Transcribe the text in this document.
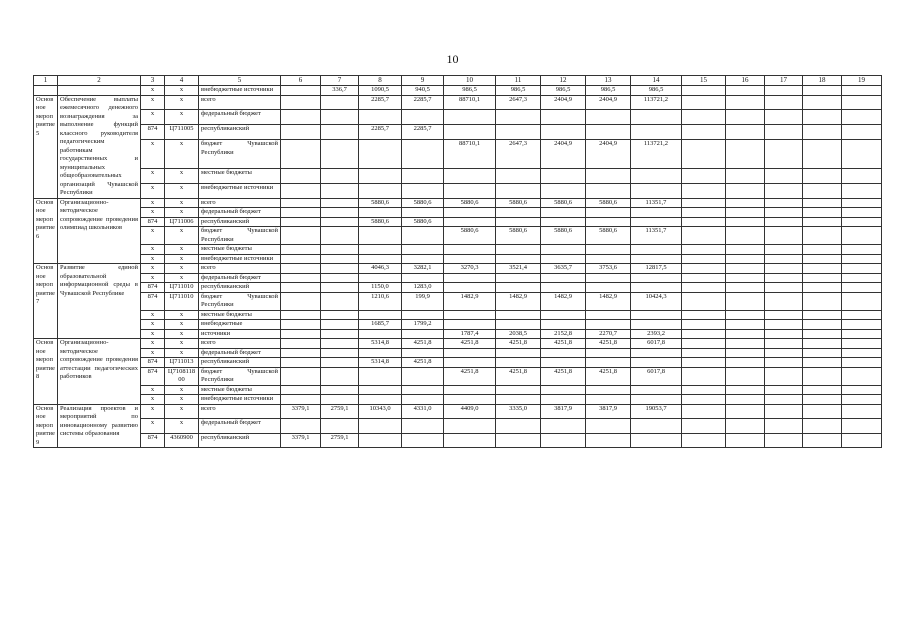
10
1	2	3	4	5	6	7	8	9	10	11	12	13	14	15	16	17	18	19
		х	х	внебюджетные источники		336,7	1090,5	940,5	986,5	986,5	986,5	986,5	986,5					
Основное мероприятие 5	Обеспечение выплаты ежемесячного денежного вознаграждения за выполнение функций классного руководителя педагогическим работникам государственных и муниципальных общеобразовательных организаций Чувашской Республики	х	х	всего			2285,7	2285,7	88710,1	2647,3	2404,9	2404,9	113721,2					
		х	х	федеральный бюджет														
		874	Ц711005	республиканский			2285,7	2285,7										
		х	х	бюджет Чувашской Республики					88710,1	2647,3	2404,9	2404,9	113721,2					
		х	х	местные бюджеты														
		х	х	внебюджетные источники														
Основное мероприятие 6	Организационно-методическое сопровождение проведения олимпиад школьников	х	х	всего			5880,6	5880,6	5880,6	5880,6	5880,6	5880,6	11351,7					
		х	х	федеральный бюджет														
		874	Ц711006	республиканский			5880,6	5880,6										
		х	х	бюджет Чувашской Республики					5880,6	5880,6	5880,6	5880,6	11351,7					
		х	х	местные бюджеты														
		х	х	внебюджетные источники														
Основное мероприятие 7	Развитие единой образовательной информационной среды в Чувашской Республике	х	х	всего			4046,3	3282,1	3270,3	3521,4	3635,7	3753,6	12817,5					
		х	х	федеральный бюджет														
		874	Ц711010	республиканский			1150,0	1283,0										
		874	Ц711010	бюджет Чувашской Республики			1210,6	199,9	1482,9	1482,9	1482,9	1482,9	10424,3					
		х	х	местные бюджеты														
		х	х	внебюджетные			1685,7	1799,2										
		х	х	источники					1787,4	2038,5	2152,8	2270,7	2393,2					
Основное мероприятие 8	Организационно-методическое сопровождение проведения аттестации педагогических работников	х	х	всего			5314,8	4251,8	4251,8	4251,8	4251,8	4251,8	6017,8					
		х	х	федеральный бюджет														
		874	Ц711013	республиканский			5314,8	4251,8										
		874	Ц7108118 00	бюджет Чувашской Республики					4251,8	4251,8	4251,8	4251,8	6017,8					
		х	х	местные бюджеты														
		х	х	внебюджетные источники														
Основное мероприятие 9	Реализация проектов и мероприятий по инновационному развитию системы образования	х	х	всего	3379,1	2759,1	10343,0	4331,0	4409,0	3335,0	3817,9	3817,9	19053,7					
		х	х	федеральный бюджет														
		874	4360900	республиканский	3379,1	2759,1												
